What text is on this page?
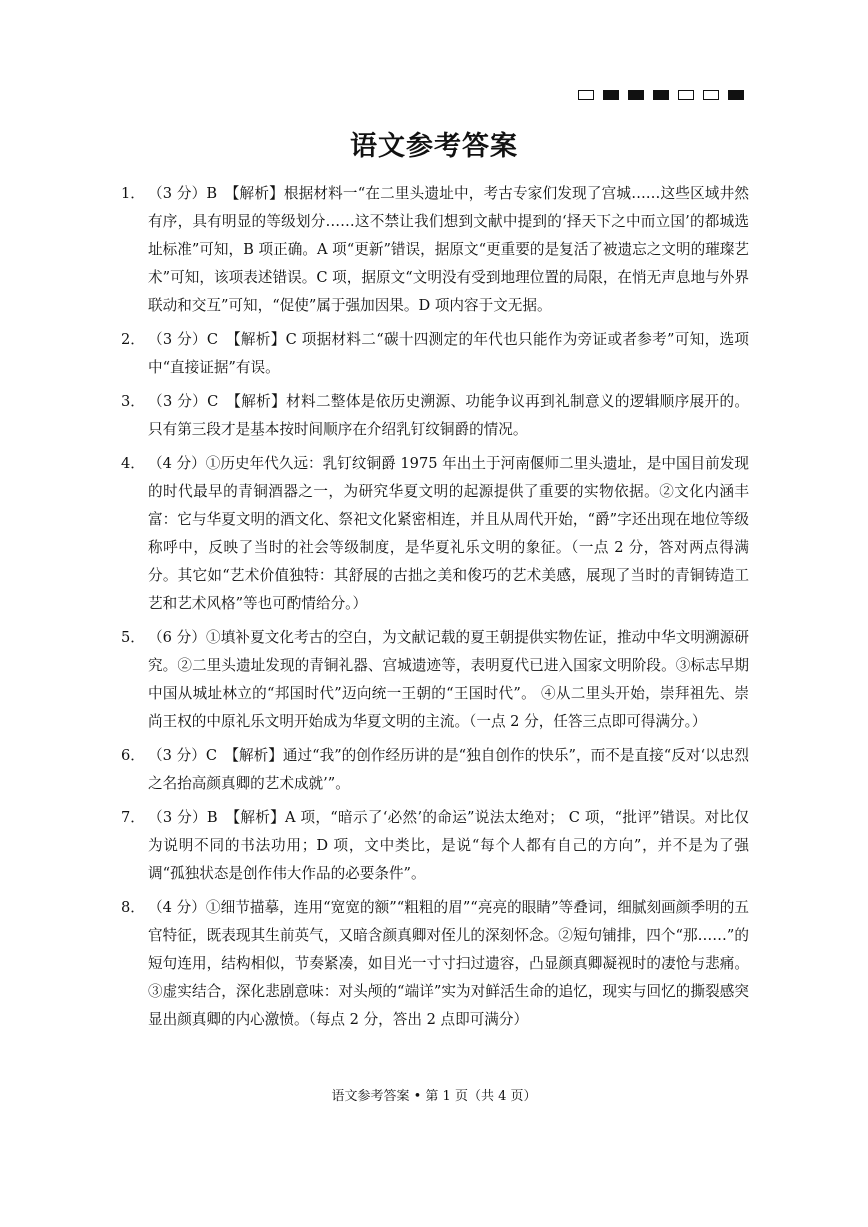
语文参考答案
1． （3 分）B　【解析】根据材料一“在二里头遗址中，考古专家们发现了宫城……这些区域井然有序，具有明显的等级划分……这不禁让我们想到文献中提到的‘择天下之中而立国’的都城选址标准”可知，B 项正确。A 项“更新”错误，据原文“更重要的是复活了被遗忘之文明的璀璨艺术”可知，该项表述错误。C 项，据原文“文明没有受到地理位置的局限，在悄无声息地与外界联动和交互”可知，“促使”属于强加因果。D 项内容于文无据。
2． （3 分）C　【解析】C 项据材料二“碳十四测定的年代也只能作为旁证或者参考”可知，选项中“直接证据”有误。
3． （3 分）C　【解析】材料二整体是依历史溯源、功能争议再到礼制意义的逻辑顺序展开的。只有第三段才是基本按时间顺序在介绍乳钉纹铜爵的情况。
4． （4 分）①历史年代久远：乳钉纹铜爵 1975 年出土于河南偃师二里头遗址，是中国目前发现的时代最早的青铜酒器之一，为研究华夏文明的起源提供了重要的实物依据。②文化内涵丰富：它与华夏文明的酒文化、祭祀文化紧密相连，并且从周代开始，“爵”字还出现在地位等级称呼中，反映了当时的社会等级制度，是华夏礼乐文明的象征。（一点 2 分，答对两点得满分。其它如“艺术价值独特：其舒展的古拙之美和俊巧的艺术美感，展现了当时的青铜铸造工艺和艺术风格”等也可酌情给分。）
5． （6 分）①填补夏文化考古的空白，为文献记载的夏王朝提供实物佐证，推动中华文明溯源研究。②二里头遗址发现的青铜礼器、宫城遗迹等，表明夏代已进入国家文明阶段。③标志早期中国从城址林立的“邦国时代”迈向统一王朝的“王国时代”。 ④从二里头开始，崇拜祖先、崇尚王权的中原礼乐文明开始成为华夏文明的主流。（一点 2 分，任答三点即可得满分。）
6． （3 分）C　【解析】通过“我”的创作经历讲的是“独自创作的快乐”，而不是直接“反对‘以忠烈之名抬高颜真卿的艺术成就’”。
7． （3 分）B　【解析】A 项，“暗示了‘必然’的命运”说法太绝对； C 项，“批评”错误。对比仅为说明不同的书法功用；D 项，文中类比，是说“每个人都有自己的方向”，并不是为了强调“孤独状态是创作伟大作品的必要条件”。
8． （4 分）①细节描摹，连用“宽宽的额”“粗粗的眉”“亮亮的眼睛”等叠词，细腻刻画颜季明的五官特征，既表现其生前英气，又暗含颜真卿对侄儿的深刻怀念。②短句铺排，四个“那……”的短句连用，结构相似，节奏紧凑，如目光一寸寸扫过遗容，凸显颜真卿凝视时的凄怆与悲痛。③虚实结合，深化悲剧意味：对头颅的“端详”实为对鲜活生命的追忆，现实与回忆的撕裂感突显出颜真卿的内心激愤。（每点 2 分，答出 2 点即可满分）
语文参考答案 • 第 1 页（共 4 页）
